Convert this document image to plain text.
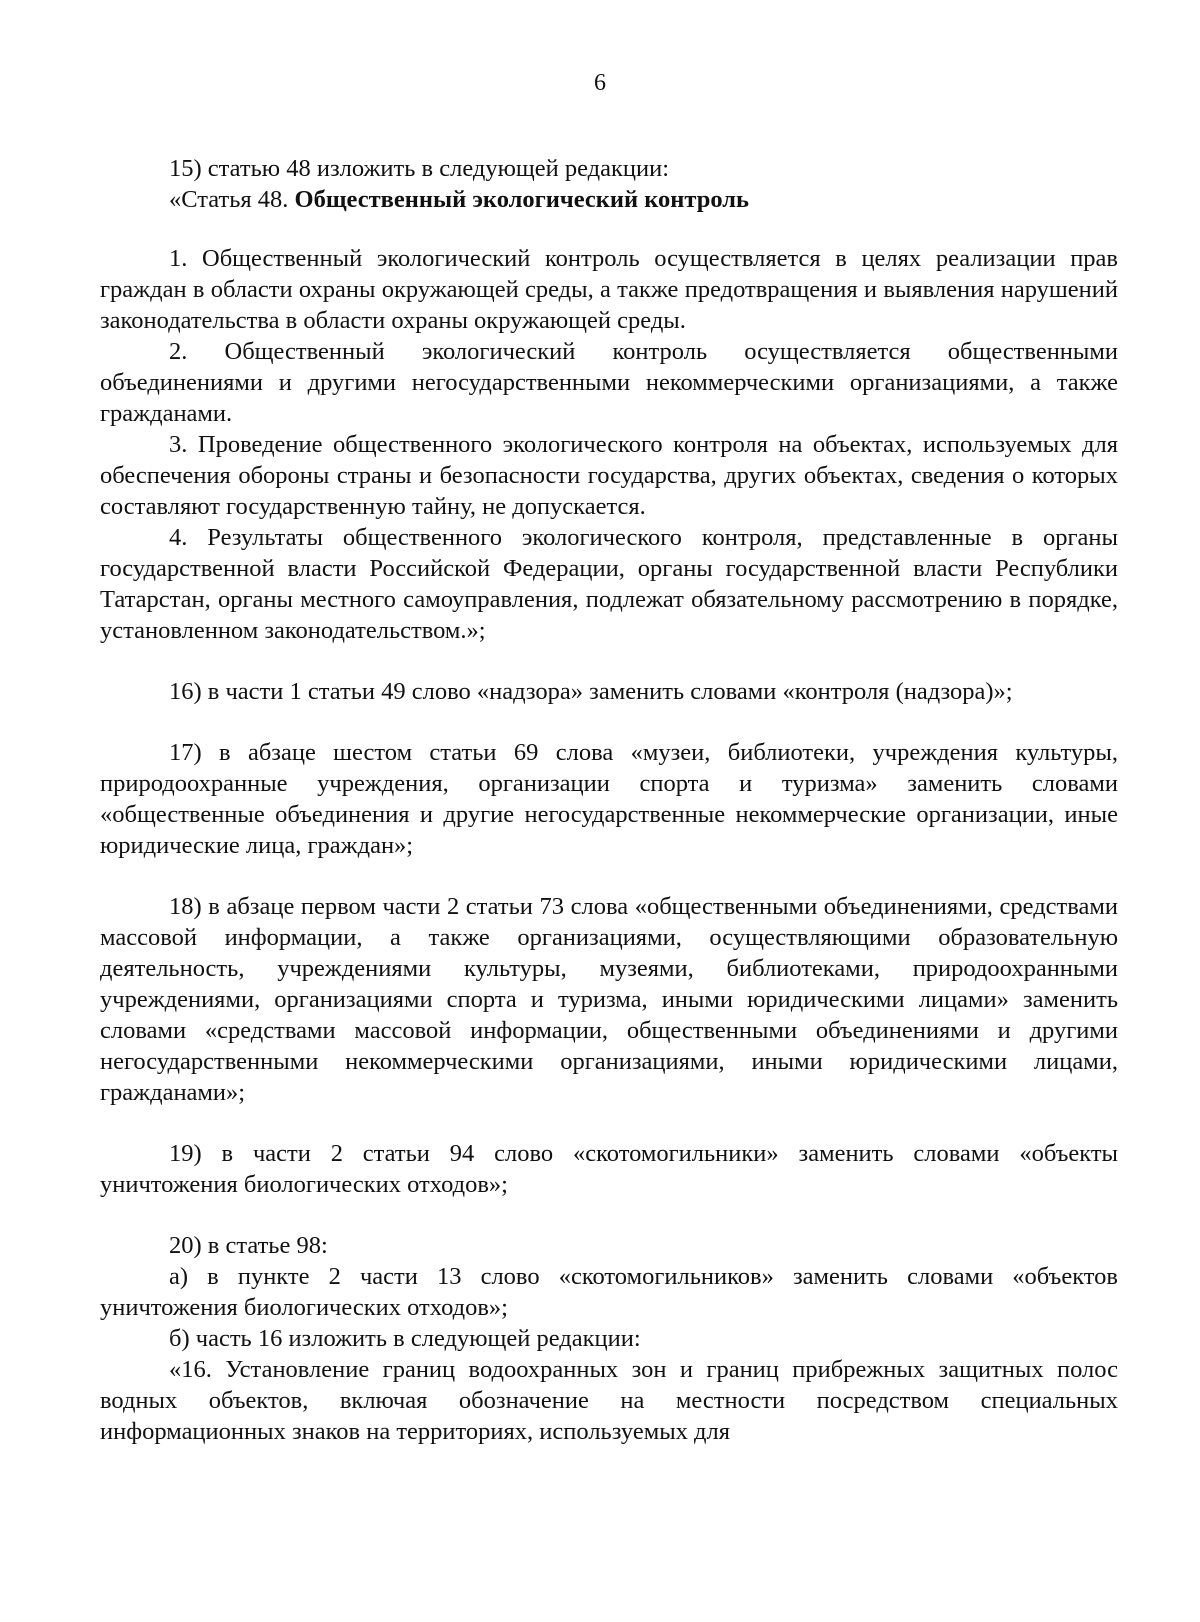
6

15) статью 48 изложить в следующей редакции:

«Статья 48. Общественный экологический контроль

1. Общественный экологический контроль осуществляется в целях реализации прав граждан в области охраны окружающей среды, а также предотвращения и выявления нарушений законодательства в области охраны окружающей среды.

2. Общественный экологический контроль осуществляется общественными объединениями и другими негосударственными некоммерческими организациями, а также гражданами.

3. Проведение общественного экологического контроля на объектах, используемых для обеспечения обороны страны и безопасности государства, других объектах, сведения о которых составляют государственную тайну, не допускается.

4. Результаты общественного экологического контроля, представленные в органы государственной власти Российской Федерации, органы государственной власти Республики Татарстан, органы местного самоуправления, подлежат обязательному рассмотрению в порядке, установленном законодательством.»;

16) в части 1 статьи 49 слово «надзора» заменить словами «контроля (надзора)»;

17) в абзаце шестом статьи 69 слова «музеи, библиотеки, учреждения культуры, природоохранные учреждения, организации спорта и туризма» заменить словами «общественные объединения и другие негосударственные некоммерческие организации, иные юридические лица, граждан»;

18) в абзаце первом части 2 статьи 73 слова «общественными объединениями, средствами массовой информации, а также организациями, осуществляющими образовательную деятельность, учреждениями культуры, музеями, библиотеками, природоохранными учреждениями, организациями спорта и туризма, иными юридическими лицами» заменить словами «средствами массовой информации, общественными объединениями и другими негосударственными некоммерческими организациями, иными юридическими лицами, гражданами»;

19) в части 2 статьи 94 слово «скотомогильники» заменить словами «объекты уничтожения биологических отходов»;

20) в статье 98:

а) в пункте 2 части 13 слово «скотомогильников» заменить словами «объектов уничтожения биологических отходов»;

б) часть 16 изложить в следующей редакции:

«16. Установление границ водоохранных зон и границ прибрежных защитных полос водных объектов, включая обозначение на местности посредством специальных информационных знаков на территориях, используемых для
